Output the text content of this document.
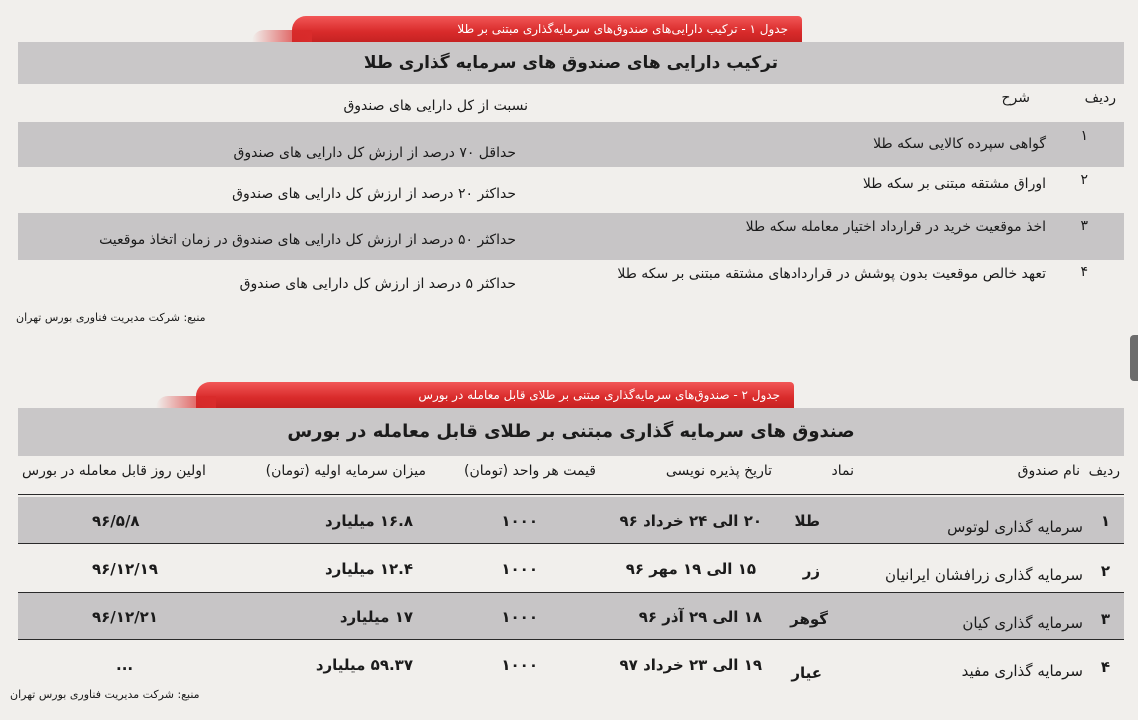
جدول ۱ - ترکیب دارایی‌های صندوق‌های سرمایه‌گذاری مبتنی بر طلا
ترکیب دارایی های صندوق های سرمایه گذاری طلا
ردیف
شرح
نسبت از کل دارایی های صندوق
۱
گواهی سپرده کالایی سکه طلا
حداقل ۷۰ درصد از ارزش کل دارایی های صندوق
۲
اوراق مشتقه مبتنی بر سکه طلا
حداکثر ۲۰ درصد از ارزش کل دارایی های صندوق
۳
اخذ موقعیت خرید در قرارداد اختیار معامله سکه طلا
حداکثر ۵۰ درصد از ارزش کل دارایی های صندوق در زمان اتخاذ موقعیت
۴
تعهد خالص موقعیت بدون پوشش در قراردادهای مشتقه مبتنی بر سکه طلا
حداکثر ۵ درصد از ارزش کل دارایی های صندوق
منبع: شرکت مدیریت فناوری بورس تهران
جدول ۲ - صندوق‌های سرمایه‌گذاری مبتنی بر طلای قابل معامله در بورس
صندوق های سرمایه گذاری مبتنی بر طلای قابل معامله در بورس
ردیف
نام صندوق
نماد
تاریخ پذیره نویسی
قیمت هر واحد (تومان)
میزان سرمایه اولیه (تومان)
اولین روز قابل معامله در بورس
۱
سرمایه گذاری لوتوس
طلا
۲۰ الی ۲۴ خرداد ۹۶
۱۰۰۰
۱۶.۸ میلیارد
۹۶/۵/۸
۲
سرمایه گذاری زرافشان ایرانیان
زر
۱۵ الی ۱۹ مهر ۹۶
۱۰۰۰
۱۲.۴ میلیارد
۹۶/۱۲/۱۹
۳
سرمایه گذاری کیان
گوهر
۱۸ الی ۲۹ آذر ۹۶
۱۰۰۰
۱۷ میلیارد
۹۶/۱۲/۲۱
۴
سرمایه گذاری مفید
عیار
۱۹ الی ۲۳ خرداد ۹۷
۱۰۰۰
۵۹.۳۷ میلیارد
...
منبع: شرکت مدیریت فناوری بورس تهران
